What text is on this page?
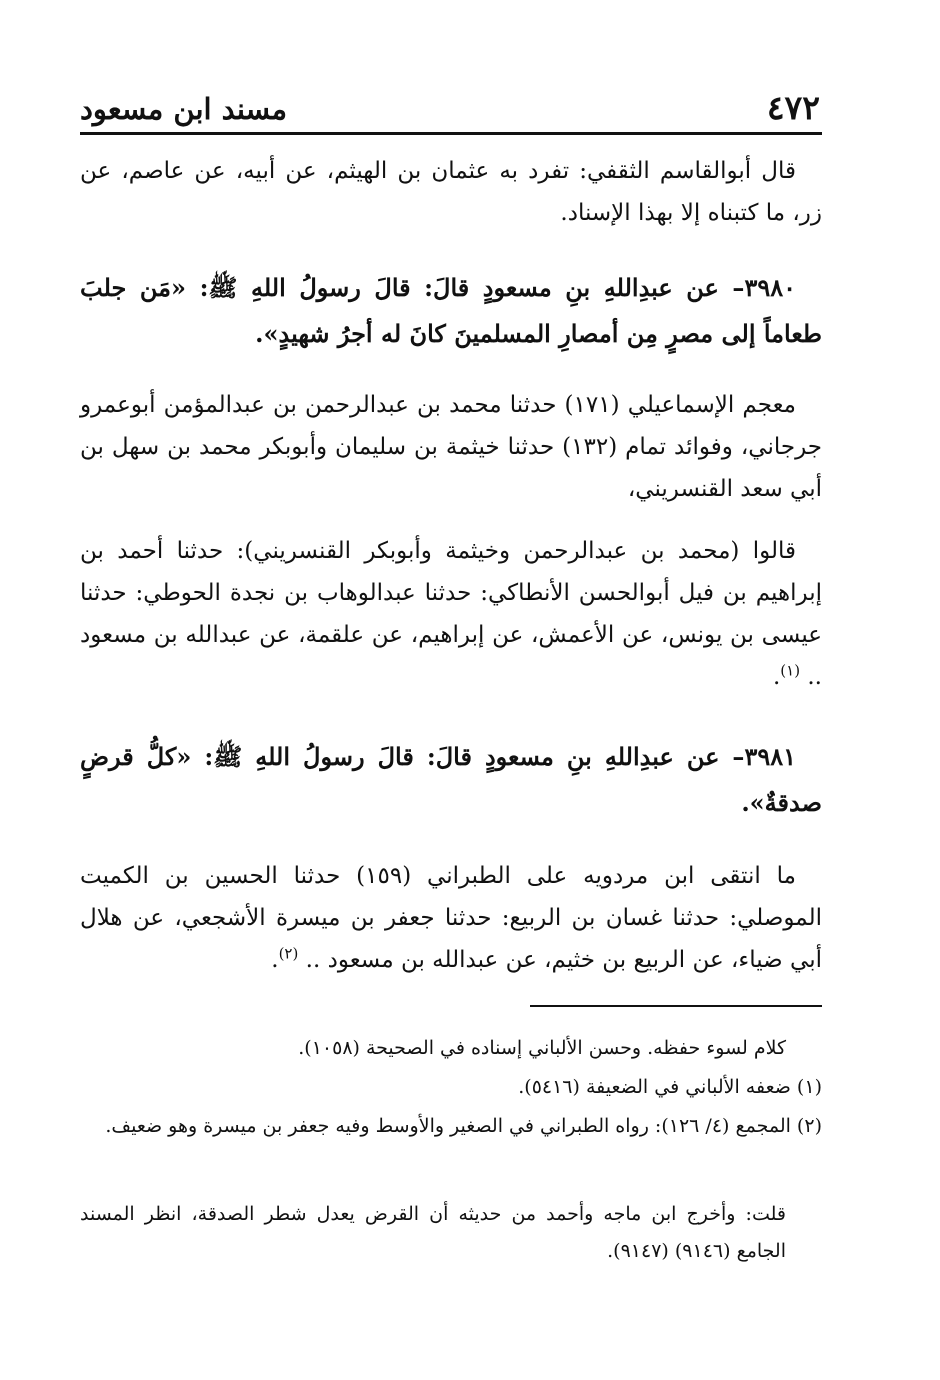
٤٧٢
مسند ابن مسعود
قال أبوالقاسم الثقفي: تفرد به عثمان بن الهيثم، عن أبيه، عن عاصم، عن زر، ما كتبناه إلا بهذا الإسناد.
٣٩٨٠– عن عبدِاللهِ بنِ مسعودٍ قالَ: قالَ رسولُ اللهِ ﷺ: «مَن جلبَ طعاماً إلى مصرٍ مِن أمصارِ المسلمينَ كانَ له أجرُ شهيدٍ».
معجم الإسماعيلي (١٧١) حدثنا محمد بن عبدالرحمن بن عبدالمؤمن أبوعمرو جرجاني، وفوائد تمام (١٣٢) حدثنا خيثمة بن سليمان وأبوبكر محمد بن سهل بن أبي سعد القنسريني،
قالوا (محمد بن عبدالرحمن وخيثمة وأبوبكر القنسريني): حدثنا أحمد بن إبراهيم بن فيل أبوالحسن الأنطاكي: حدثنا عبدالوهاب بن نجدة الحوطي: حدثنا عيسى بن يونس، عن الأعمش، عن إبراهيم، عن علقمة، عن عبدالله بن مسعود .. $^{(١)}$.
٣٩٨١– عن عبدِاللهِ بنِ مسعودٍ قالَ: قالَ رسولُ اللهِ ﷺ: «كلُّ قرضٍ صدقةٌ».
ما انتقى ابن مردويه على الطبراني (١٥٩) حدثنا الحسين بن الكميت الموصلي: حدثنا غسان بن الربيع: حدثنا جعفر بن ميسرة الأشجعي، عن هلال أبي ضياء، عن الربيع بن خثيم، عن عبدالله بن مسعود .. $^{(٢)}$.
كلام لسوء حفظه. وحسن الألباني إسناده في الصحيحة (١٠٥٨).
(١) ضعفه الألباني في الضعيفة (٥٤١٦).
(٢) المجمع (٤/ ١٢٦): رواه الطبراني في الصغير والأوسط وفيه جعفر بن ميسرة وهو ضعيف.
قلت: وأخرج ابن ماجه وأحمد من حديثه أن القرض يعدل شطر الصدقة، انظر المسند الجامع (٩١٤٦) (٩١٤٧).
